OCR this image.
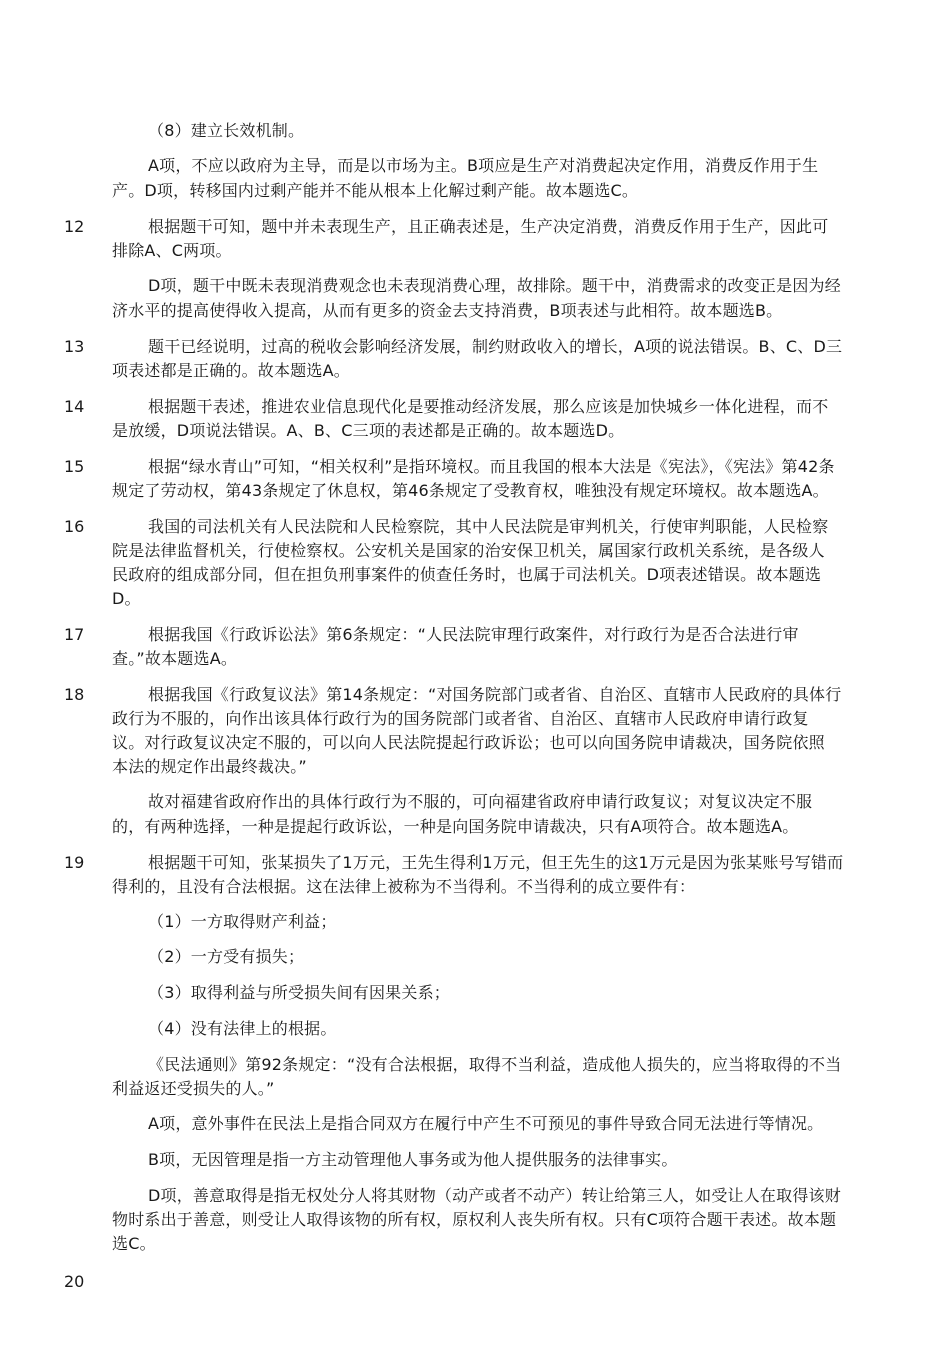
（8）建立长效机制。
A项，不应以政府为主导，而是以市场为主。B项应是生产对消费起决定作用，消费反作用于生
产。D项，转移国内过剩产能并不能从根本上化解过剩产能。故本题选C。
12	根据题干可知，题中并未表现生产，且正确表述是，生产决定消费，消费反作用于生产，因此可
排除A、C两项。
D项，题干中既未表现消费观念也未表现消费心理，故排除。题干中，消费需求的改变正是因为经
济水平的提高使得收入提高，从而有更多的资金去支持消费，B项表述与此相符。故本题选B。
13	题干已经说明，过高的税收会影响经济发展，制约财政收入的增长，A项的说法错误。B、C、D三
项表述都是正确的。故本题选A。
14	根据题干表述，推进农业信息现代化是要推动经济发展，那么应该是加快城乡一体化进程，而不
是放缓，D项说法错误。A、B、C三项的表述都是正确的。故本题选D。
15	根据“绿水青山”可知，“相关权利”是指环境权。而且我国的根本大法是《宪法》，《宪法》第42条
规定了劳动权，第43条规定了休息权，第46条规定了受教育权，唯独没有规定环境权。故本题选A。
16	我国的司法机关有人民法院和人民检察院，其中人民法院是审判机关，行使审判职能，人民检察
院是法律监督机关，行使检察权。公安机关是国家的治安保卫机关，属国家行政机关系统，是各级人
民政府的组成部分同，但在担负刑事案件的侦查任务时，也属于司法机关。D项表述错误。故本题选
D。
17	根据我国《行政诉讼法》第6条规定：“人民法院审理行政案件，对行政行为是否合法进行审
查。”故本题选A。
18	根据我国《行政复议法》第14条规定：“对国务院部门或者省、自治区、直辖市人民政府的具体行
政行为不服的，向作出该具体行政行为的国务院部门或者省、自治区、直辖市人民政府申请行政复
议。对行政复议决定不服的，可以向人民法院提起行政诉讼；也可以向国务院申请裁决，国务院依照
本法的规定作出最终裁决。”
故对福建省政府作出的具体行政行为不服的，可向福建省政府申请行政复议；对复议决定不服
的，有两种选择，一种是提起行政诉讼，一种是向国务院申请裁决，只有A项符合。故本题选A。
19	根据题干可知，张某损失了1万元，王先生得利1万元，但王先生的这1万元是因为张某账号写错而
得利的，且没有合法根据。这在法律上被称为不当得利。不当得利的成立要件有：
（1）一方取得财产利益；
（2）一方受有损失；
（3）取得利益与所受损失间有因果关系；
（4）没有法律上的根据。
《民法通则》第92条规定：“没有合法根据，取得不当利益，造成他人损失的，应当将取得的不当
利益返还受损失的人。”
A项，意外事件在民法上是指合同双方在履行中产生不可预见的事件导致合同无法进行等情况。
B项，无因管理是指一方主动管理他人事务或为他人提供服务的法律事实。
D项，善意取得是指无权处分人将其财物（动产或者不动产）转让给第三人，如受让人在取得该财
物时系出于善意，则受让人取得该物的所有权，原权利人丧失所有权。只有C项符合题干表述。故本题
选C。
20
